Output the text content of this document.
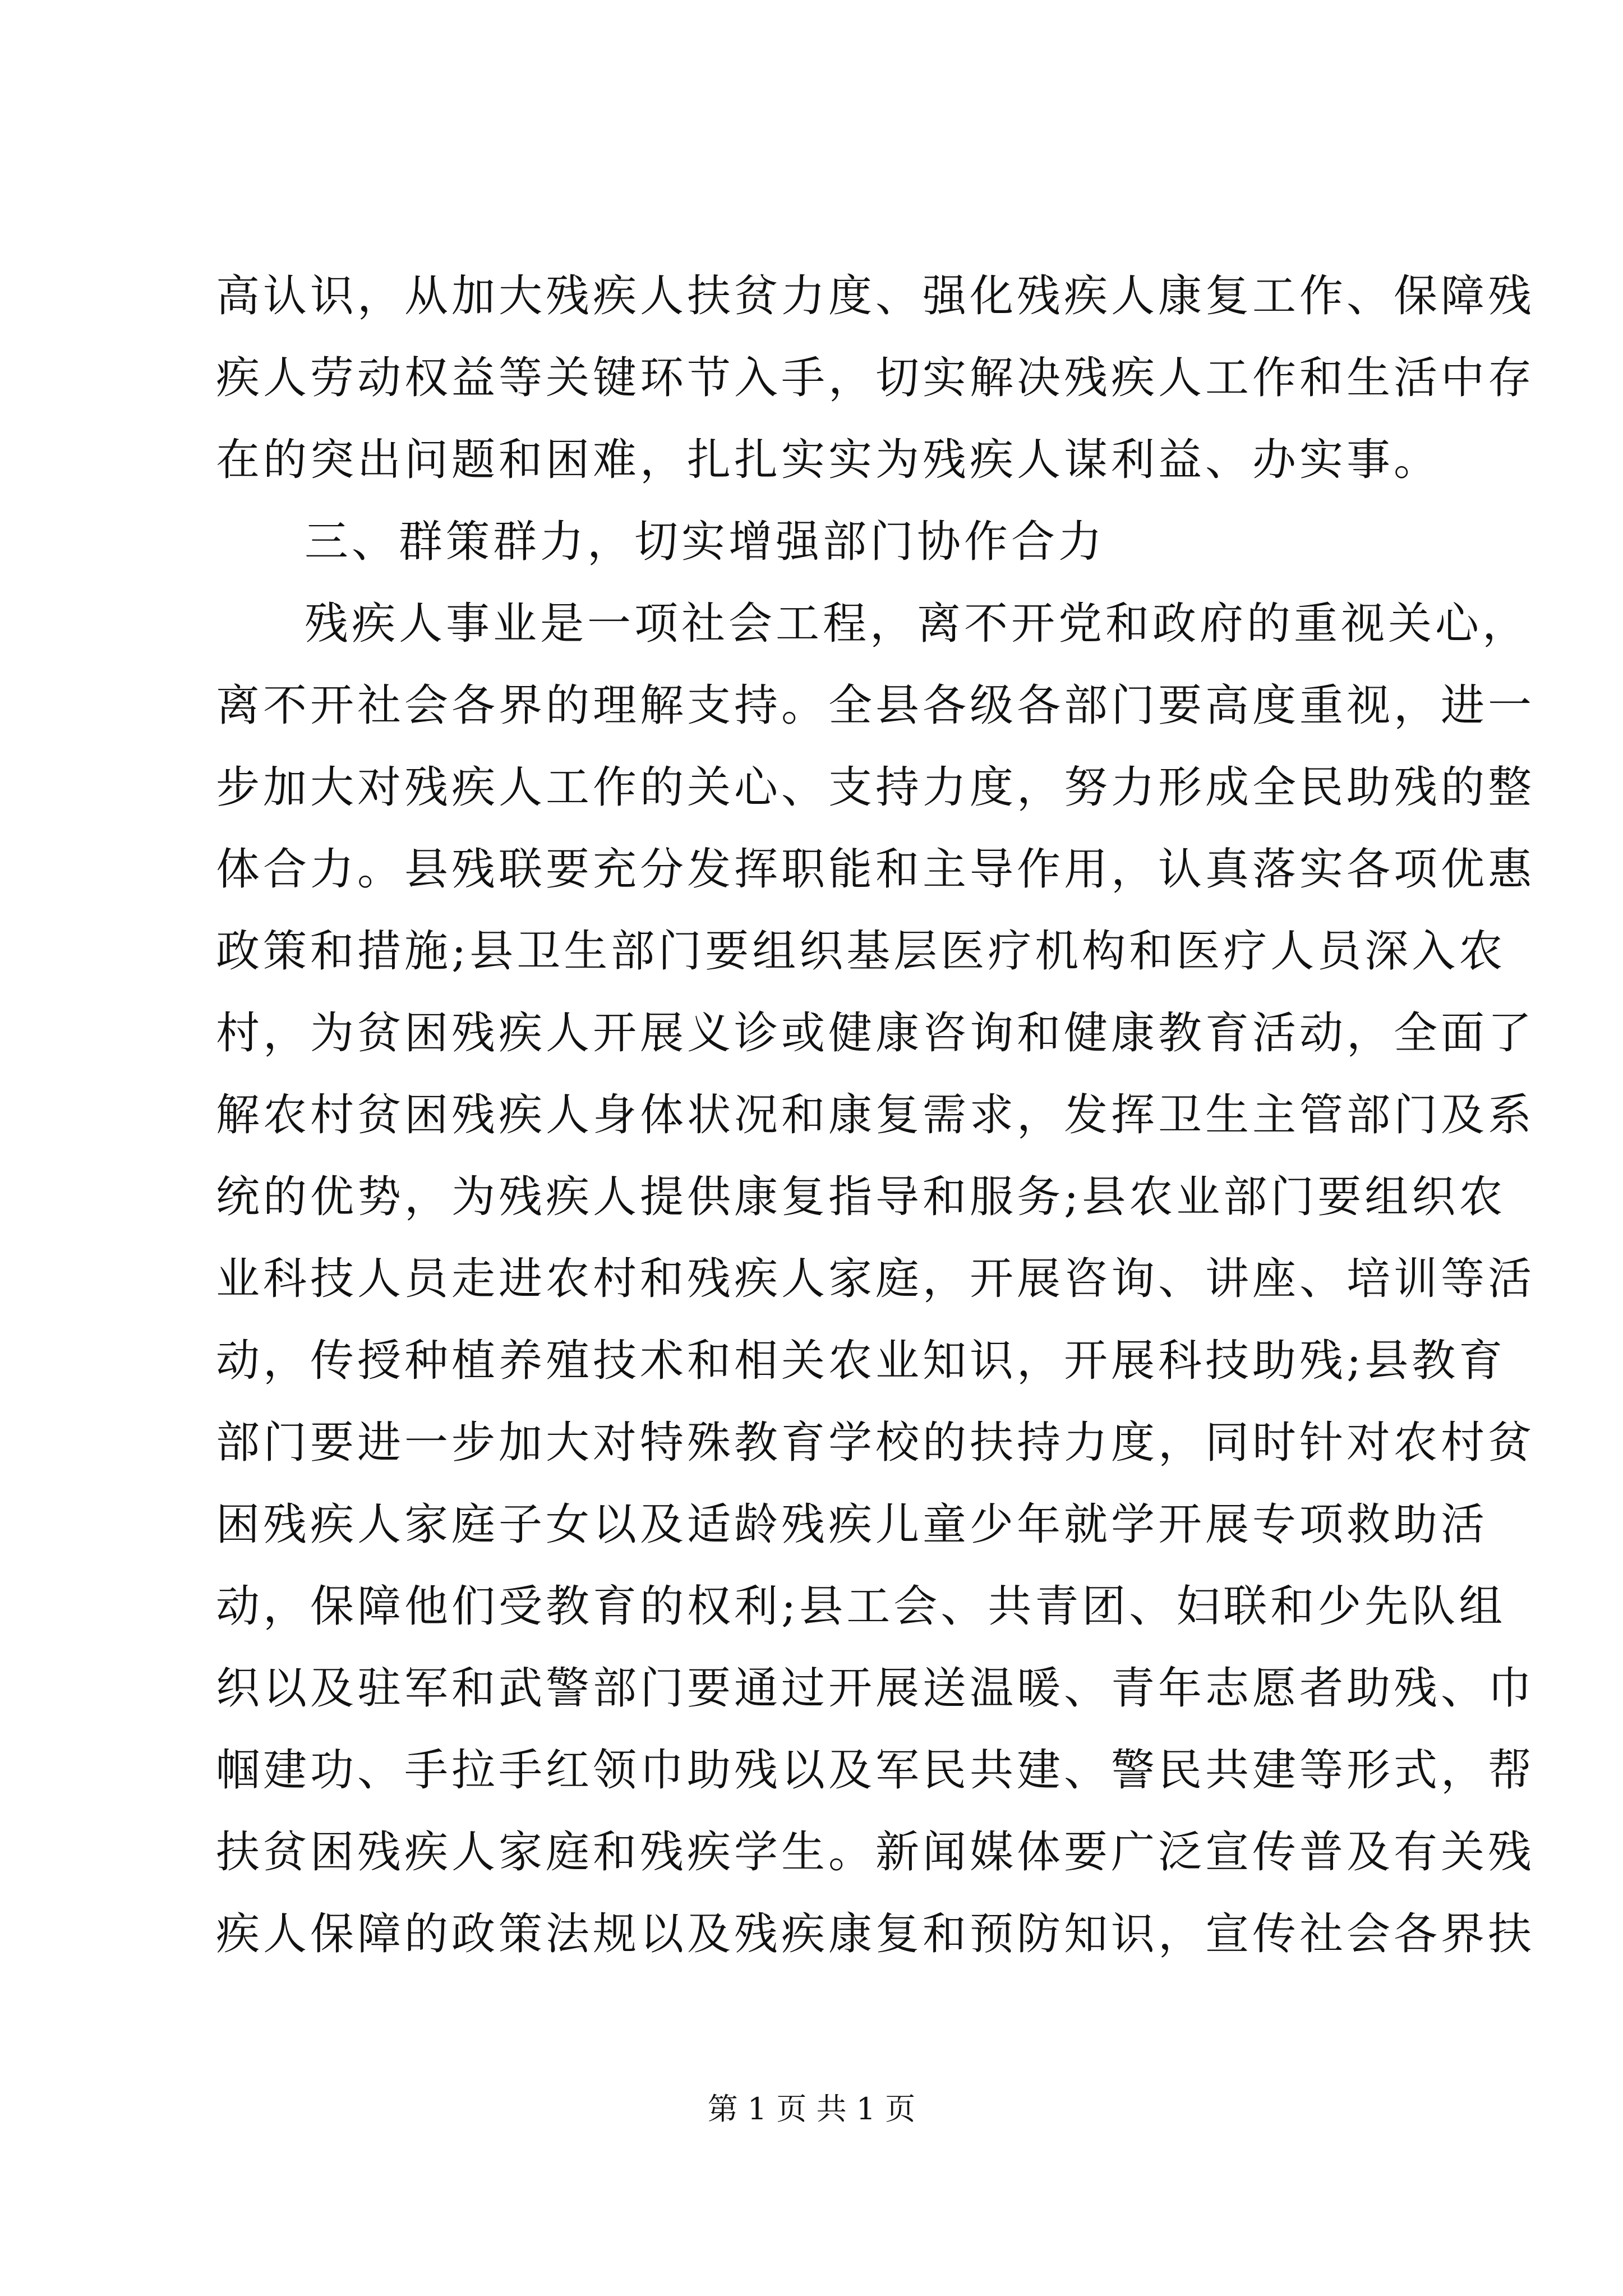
高认识，从加大残疾人扶贫力度、强化残疾人康复工作、保障残
疾人劳动权益等关键环节入手，切实解决残疾人工作和生活中存
在的突出问题和困难，扎扎实实为残疾人谋利益、办实事。
三、群策群力，切实增强部门协作合力
残疾人事业是一项社会工程，离不开党和政府的重视关心，
离不开社会各界的理解支持。全县各级各部门要高度重视，进一
步加大对残疾人工作的关心、支持力度，努力形成全民助残的整
体合力。县残联要充分发挥职能和主导作用，认真落实各项优惠
政策和措施;县卫生部门要组织基层医疗机构和医疗人员深入农
村，为贫困残疾人开展义诊或健康咨询和健康教育活动，全面了
解农村贫困残疾人身体状况和康复需求，发挥卫生主管部门及系
统的优势，为残疾人提供康复指导和服务;县农业部门要组织农
业科技人员走进农村和残疾人家庭，开展咨询、讲座、培训等活
动，传授种植养殖技术和相关农业知识，开展科技助残;县教育
部门要进一步加大对特殊教育学校的扶持力度，同时针对农村贫
困残疾人家庭子女以及适龄残疾儿童少年就学开展专项救助活
动，保障他们受教育的权利;县工会、共青团、妇联和少先队组
织以及驻军和武警部门要通过开展送温暖、青年志愿者助残、巾
帼建功、手拉手红领巾助残以及军民共建、警民共建等形式，帮
扶贫困残疾人家庭和残疾学生。新闻媒体要广泛宣传普及有关残
疾人保障的政策法规以及残疾康复和预防知识，宣传社会各界扶
第 1 页 共 1 页
